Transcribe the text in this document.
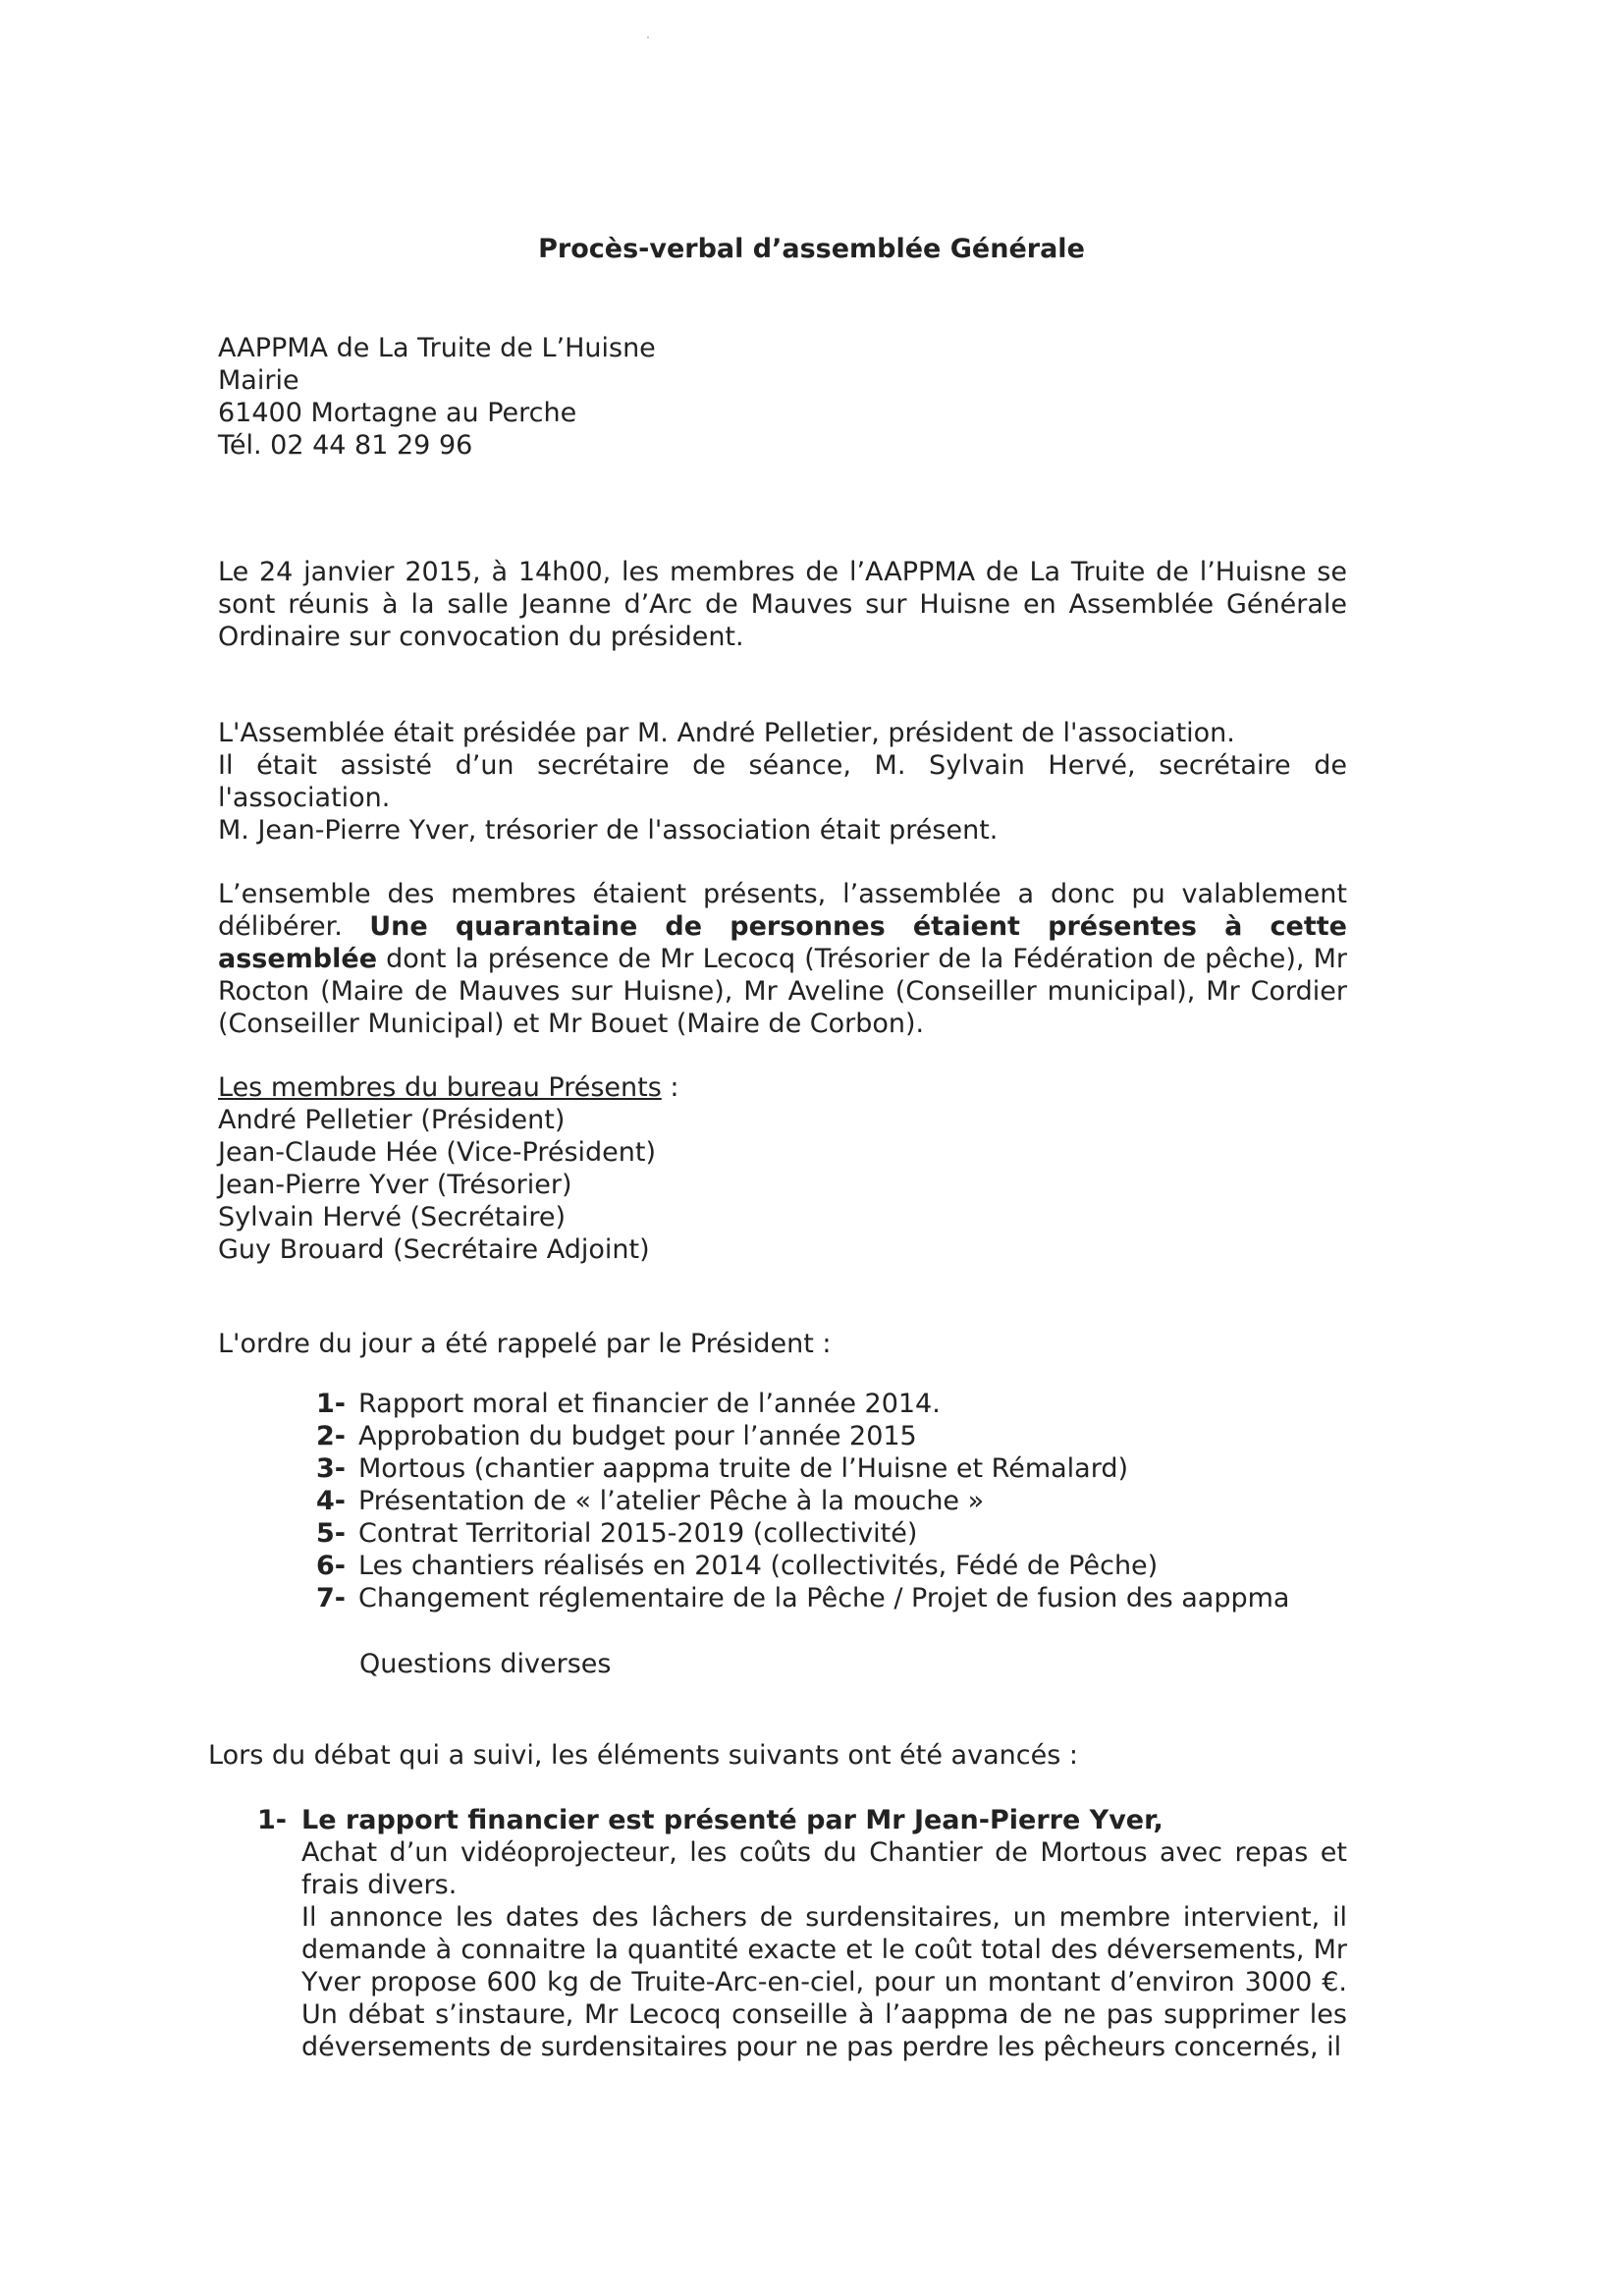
Procès-verbal d’assemblée Générale
AAPPMA de La Truite de L’Huisne
Mairie
61400 Mortagne au Perche
Tél. 02 44 81 29 96

Le 24 janvier 2015, à 14h00, les membres de l’AAPPMA de La Truite de l’Huisne se sont réunis à la salle Jeanne d’Arc de Mauves sur Huisne en Assemblée Générale Ordinaire sur convocation du président.

L'Assemblée était présidée par M. André Pelletier, président de l'association.
Il était assisté d’un secrétaire de séance, M. Sylvain Hervé, secrétaire de l'association.
M. Jean-Pierre Yver, trésorier de l'association était présent.

L’ensemble des membres étaient présents, l’assemblée a donc pu valablement délibérer. Une quarantaine de personnes étaient présentes à cette assemblée dont la présence de Mr Lecocq (Trésorier de la Fédération de pêche), Mr Rocton (Maire de Mauves sur Huisne), Mr Aveline (Conseiller municipal), Mr Cordier (Conseiller Municipal) et Mr Bouet (Maire de Corbon).

Les membres du bureau Présents :
André Pelletier (Président)
Jean-Claude Hée (Vice-Président)
Jean-Pierre Yver (Trésorier)
Sylvain Hervé (Secrétaire)
Guy Brouard (Secrétaire Adjoint)

L'ordre du jour a été rappelé par le Président :

1- Rapport moral et financier de l’année 2014.
2- Approbation du budget pour l’année 2015
3- Mortous (chantier aappma truite de l’Huisne et Rémalard)
4- Présentation de « l’atelier Pêche à la mouche »
5- Contrat Territorial 2015-2019 (collectivité)
6- Les chantiers réalisés en 2014 (collectivités, Fédé de Pêche)
7- Changement réglementaire de la Pêche / Projet de fusion des aappma

Questions diverses

Lors du débat qui a suivi, les éléments suivants ont été avancés :

1- Le rapport financier est présenté par Mr Jean-Pierre Yver,

Achat d’un vidéoprojecteur, les coûts du Chantier de Mortous avec repas et frais divers.

Il annonce les dates des lâchers de surdensitaires, un membre intervient, il demande à connaitre la quantité exacte et le coût total des déversements, Mr Yver propose 600 kg de Truite-Arc-en-ciel, pour un montant d’environ 3000 €. Un débat s’instaure, Mr Lecocq conseille à l’aappma de ne pas supprimer les déversements de surdensitaires pour ne pas perdre les pêcheurs concernés, il
